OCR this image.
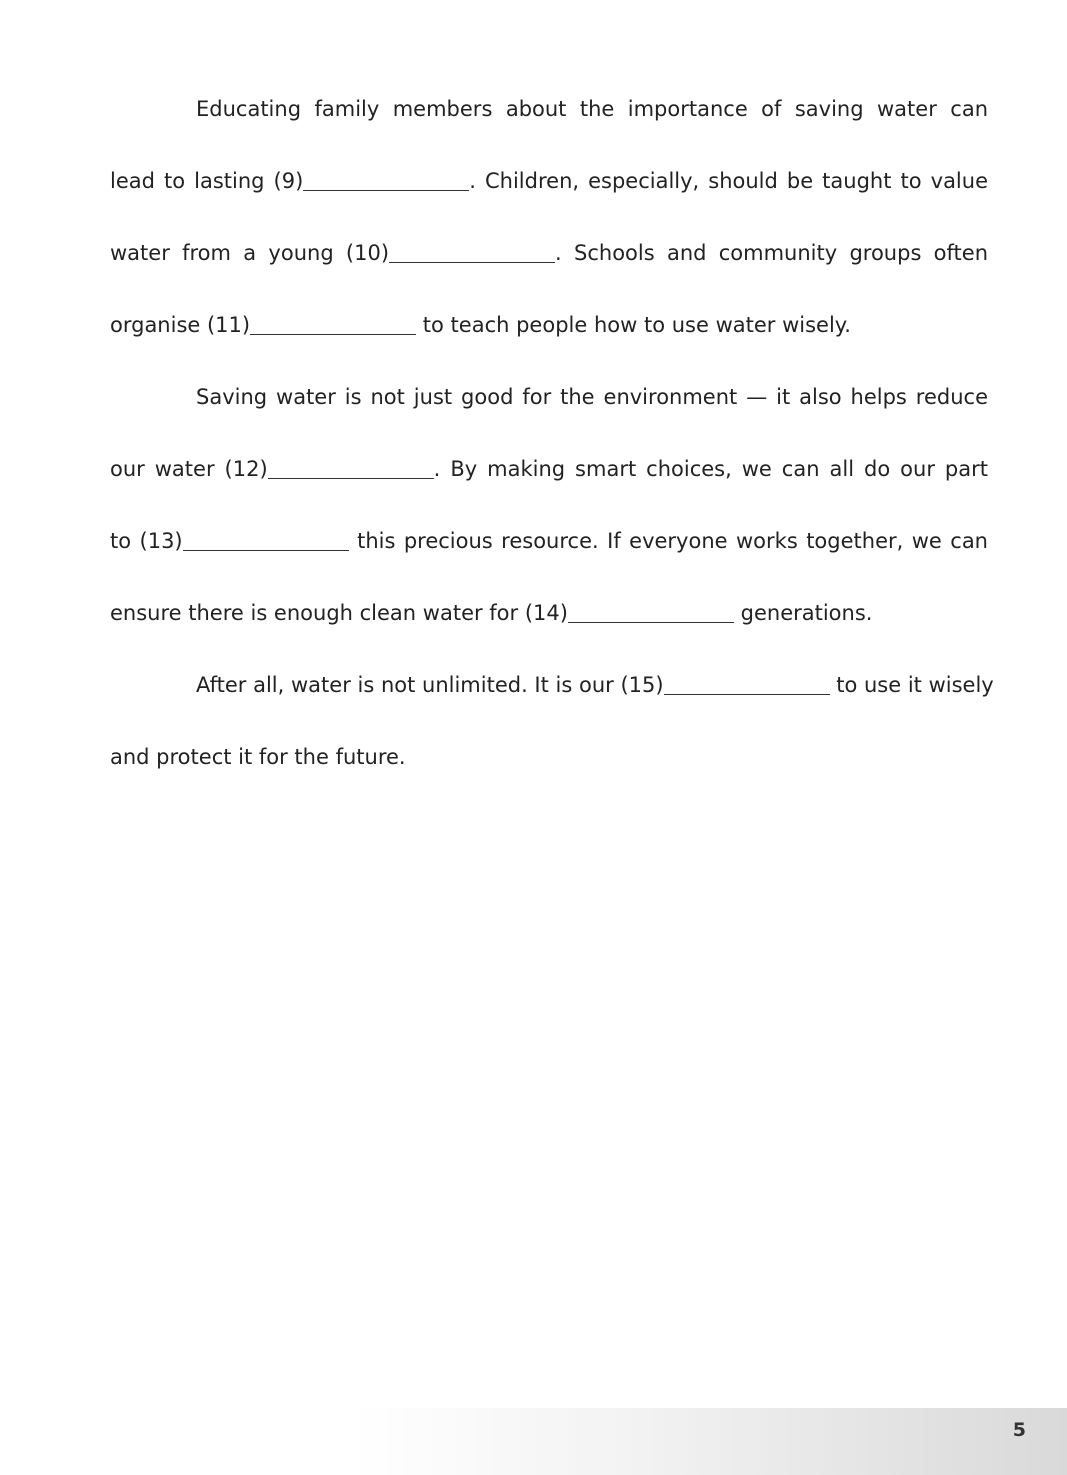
Educating family members about the importance of saving water can
lead to lasting (9)	. Children, especially, should be taught to value
water from a young (10)	. Schools and community groups often
organise (11)	to teach people how to use water wisely.
Saving water is not just good for the environment — it also helps reduce
our water (12)	. By making smart choices, we can all do our part
to (13)	this precious resource. If everyone works together, we can
ensure there is enough clean water for (14)	generations.
After all, water is not unlimited. It is our (15)	to use it wisely
and protect it for the future.
5
